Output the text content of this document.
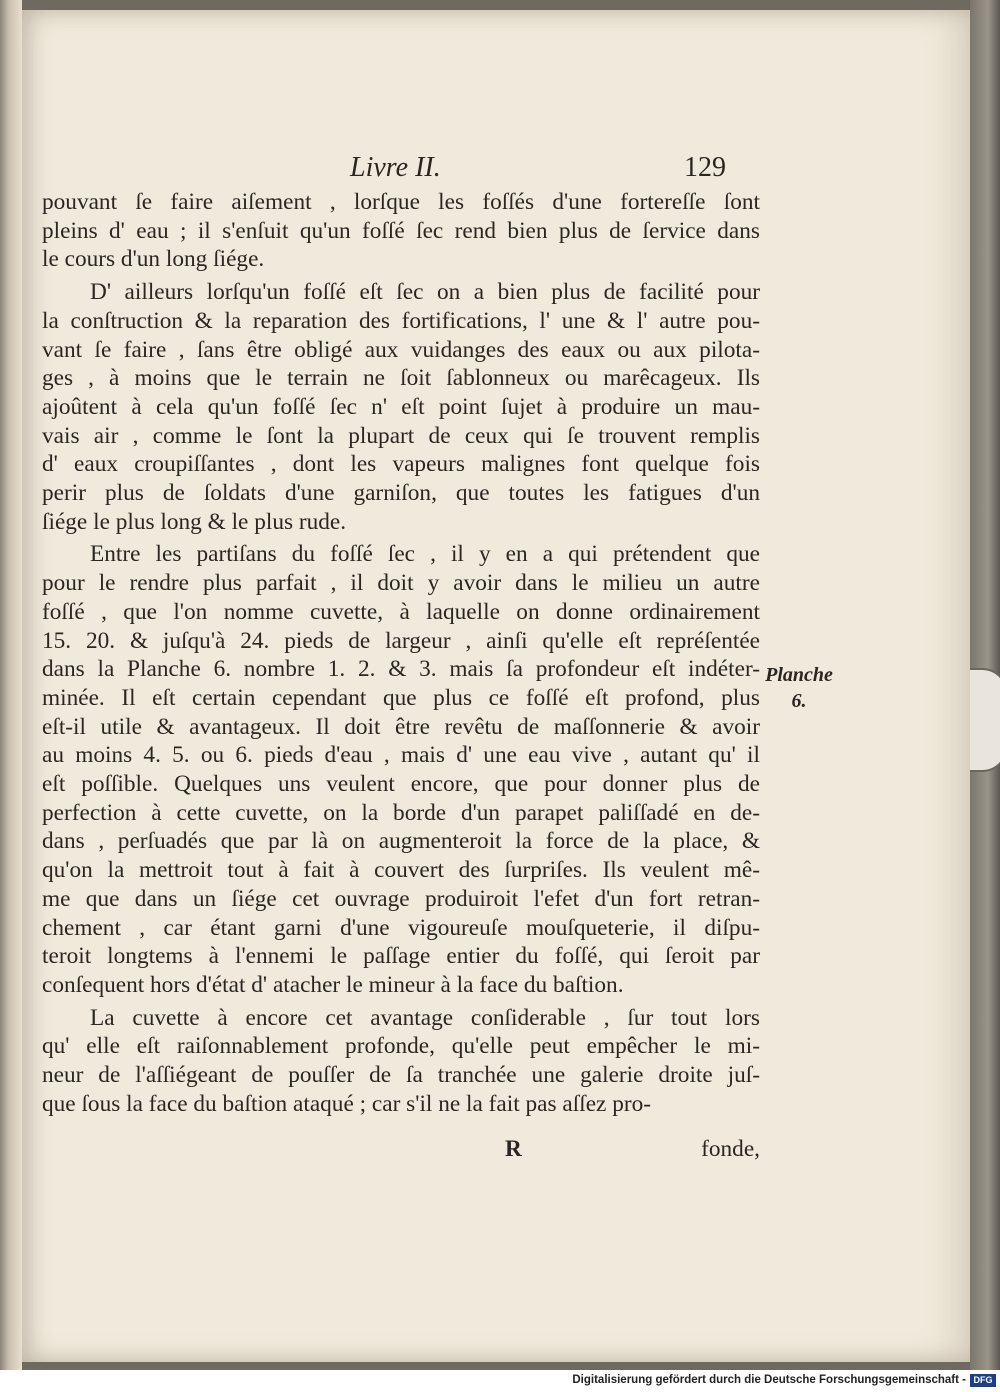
Livre II.	129
pouvant ſe faire aiſement , lorſque les foſſés d'une fortereſſe ſont
pleins d' eau ; il s'enſuit qu'un foſſé ſec rend bien plus de ſervice dans
le cours d'un long ſiége.
D' ailleurs lorſqu'un foſſé eſt ſec on a bien plus de facilité pour
la conſtruction & la reparation des fortifications, l' une & l' autre pou-
vant ſe faire , ſans être obligé aux vuidanges des eaux ou aux pilota-
ges , à moins que le terrain ne ſoit ſablonneux ou marêcageux. Ils
ajoûtent à cela qu'un foſſé ſec n' eſt point ſujet à produire un mau-
vais air , comme le ſont la plupart de ceux qui ſe trouvent remplis
d' eaux croupiſſantes , dont les vapeurs malignes font quelque fois
perir plus de ſoldats d'une garniſon, que toutes les fatigues d'un
ſiége le plus long & le plus rude.
Entre les partiſans du foſſé ſec , il y en a qui prétendent que
pour le rendre plus parfait , il doit y avoir dans le milieu un autre
foſſé , que l'on nomme cuvette, à laquelle on donne ordinairement
15. 20. & juſqu'à 24. pieds de largeur , ainſi qu'elle eſt repréſentée
dans la Planche 6. nombre 1. 2. & 3. mais ſa profondeur eſt indéter-
minée. Il eſt certain cependant que plus ce foſſé eſt profond, plus
eſt-il utile & avantageux. Il doit être revêtu de maſſonnerie & avoir
au moins 4. 5. ou 6. pieds d'eau , mais d' une eau vive , autant qu' il
eſt poſſible. Quelques uns veulent encore, que pour donner plus de
perfection à cette cuvette, on la borde d'un parapet paliſſadé en de-
dans , perſuadés que par là on augmenteroit la force de la place, &
qu'on la mettroit tout à fait à couvert des ſurpriſes. Ils veulent mê-
me que dans un ſiége cet ouvrage produiroit l'efet d'un fort retran-
chement , car étant garni d'une vigoureuſe mouſqueterie, il diſpu-
teroit longtems à l'ennemi le paſſage entier du foſſé, qui ſeroit par
conſequent hors d'état d' atacher le mineur à la face du baſtion.
La cuvette à encore cet avantage conſiderable , ſur tout lors
qu' elle eſt raiſonnablement profonde, qu'elle peut empêcher le mi-
neur de l'aſſiégeant de pouſſer de ſa tranchée une galerie droite juſ-
que ſous la face du baſtion ataqué ; car s'il ne la fait pas aſſez pro-
Planche
6.
R	fonde,
Digitalisierung gefördert durch die Deutsche Forschungsgemeinschaft - DFG
